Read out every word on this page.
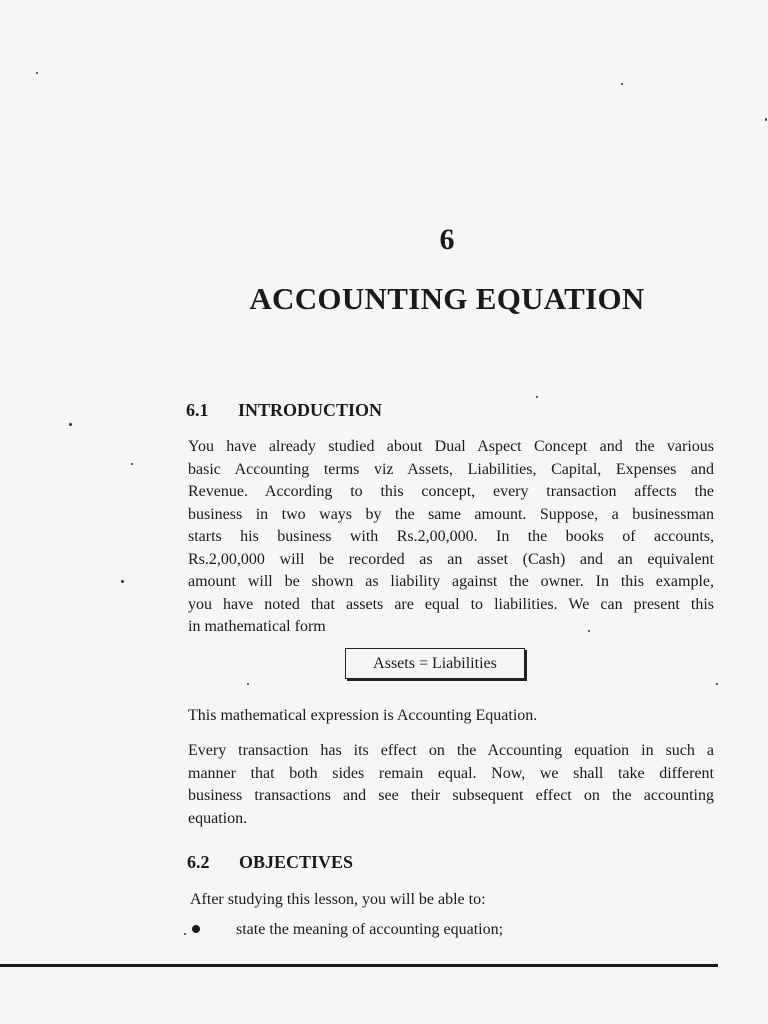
6
ACCOUNTING EQUATION
6.1 INTRODUCTION
You have already studied about Dual Aspect Concept and the various
basic Accounting terms viz Assets, Liabilities, Capital, Expenses and
Revenue. According to this concept, every transaction affects the
business in two ways by the same amount. Suppose, a businessman
starts his business with Rs.2,00,000. In the books of accounts,
Rs.2,00,000 will be recorded as an asset (Cash) and an equivalent
amount will be shown as liability against the owner. In this example,
you have noted that assets are equal to liabilities. We can present this
in mathematical form
Assets = Liabilities
This mathematical expression is Accounting Equation.
Every transaction has its effect on the Accounting equation in such a
manner that both sides remain equal. Now, we shall take different
business transactions and see their subsequent effect on the accounting
equation.
6.2 OBJECTIVES
After studying this lesson, you will be able to:
state the meaning of accounting equation;
